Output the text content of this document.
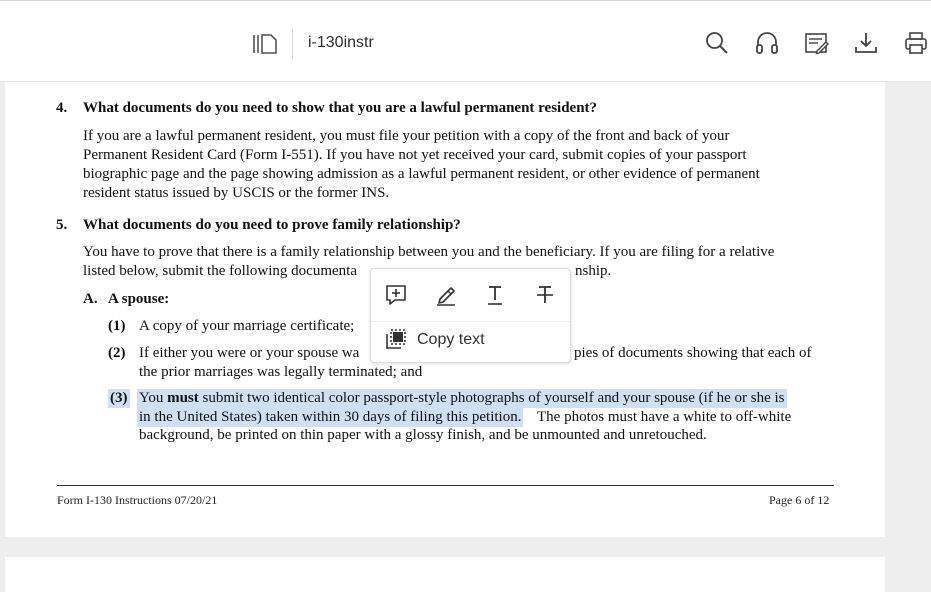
i-130instr
4. What documents do you need to show that you are a lawful permanent resident?
If you are a lawful permanent resident, you must file your petition with a copy of the front and back of your
Permanent Resident Card (Form I-551). If you have not yet received your card, submit copies of your passport
biographic page and the page showing admission as a lawful permanent resident, or other evidence of permanent
resident status issued by USCIS or the former INS.
5. What documents do you need to prove family relationship?
You have to prove that there is a family relationship between you and the beneficiary. If you are filing for a relative
listed below, submit the following documenta	nship.
A. A spouse:
(1) A copy of your marriage certificate;
(2) If either you were or your spouse wa	pies of documents showing that each of
the prior marriages was legally terminated; and
(3) You must submit two identical color passport-style photographs of yourself and your spouse (if he or she is
in the United States) taken within 30 days of filing this petition. The photos must have a white to off-white
background, be printed on thin paper with a glossy finish, and be unmounted and unretouched.
Form I-130 Instructions 07/20/21	Page 6 of 12
Copy text
